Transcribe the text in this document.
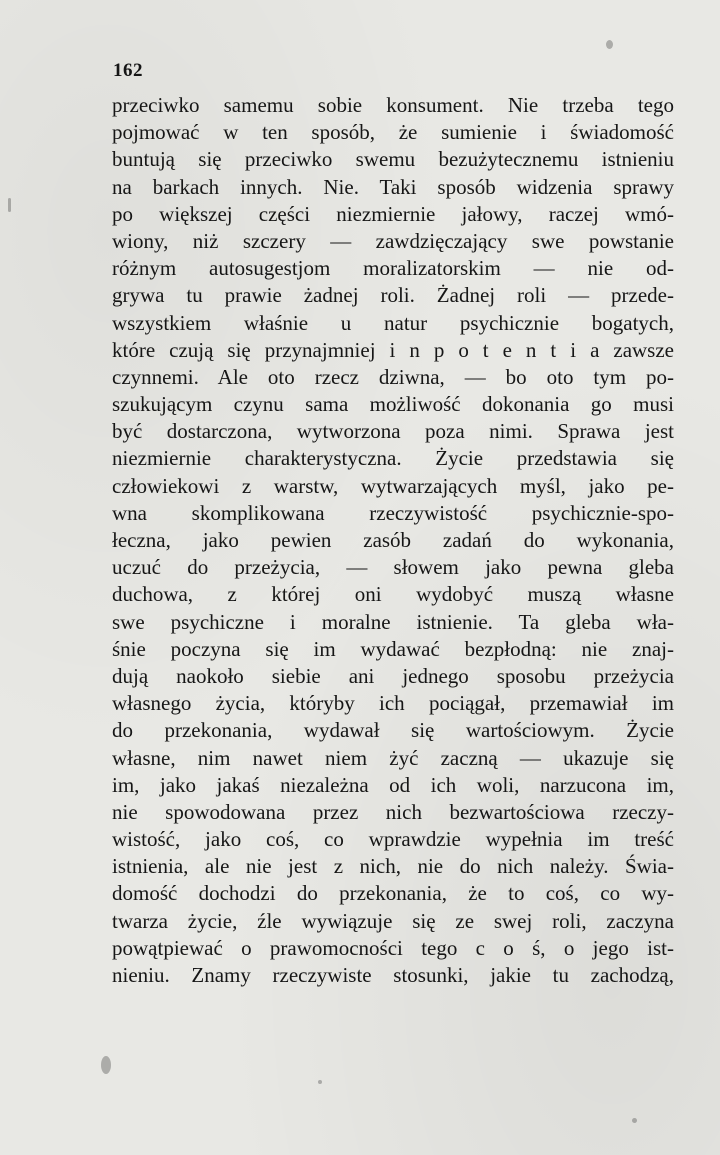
162
przeciwko samemu sobie konsument. Nie trzeba tego
pojmować w ten sposób, że sumienie i świadomość
buntują się przeciwko swemu bezużytecznemu istnieniu
na barkach innych. Nie. Taki sposób widzenia sprawy
po większej części niezmiernie jałowy, raczej wmó-
wiony, niż szczery — zawdzięczający swe powstanie
różnym autosugestjom moralizatorskim — nie od-
grywa tu prawie żadnej roli. Żadnej roli — przede-
wszystkiem właśnie u natur psychicznie bogatych,
które czują się przynajmniej i n p o t e n t i a zawsze
czynnemi. Ale oto rzecz dziwna, — bo oto tym po-
szukującym czynu sama możliwość dokonania go musi
być dostarczona, wytworzona poza nimi. Sprawa jest
niezmiernie charakterystyczna. Życie przedstawia się
człowiekowi z warstw, wytwarzających myśl, jako pe-
wna skomplikowana rzeczywistość psychicznie-spo-
łeczna, jako pewien zasób zadań do wykonania,
uczuć do przeżycia, — słowem jako pewna gleba
duchowa, z której oni wydobyć muszą własne
swe psychiczne i moralne istnienie. Ta gleba wła-
śnie poczyna się im wydawać bezpłodną: nie znaj-
dują naokoło siebie ani jednego sposobu przeżycia
własnego życia, któryby ich pociągał, przemawiał im
do przekonania, wydawał się wartościowym. Życie
własne, nim nawet niem żyć zaczną — ukazuje się
im, jako jakaś niezależna od ich woli, narzucona im,
nie spowodowana przez nich bezwartościowa rzeczy-
wistość, jako coś, co wprawdzie wypełnia im treść
istnienia, ale nie jest z nich, nie do nich należy. Świa-
domość dochodzi do przekonania, że to coś, co wy-
twarza życie, źle wywiązuje się ze swej roli, zaczyna
powątpiewać o prawomocności tego c o ś, o jego ist-
nieniu. Znamy rzeczywiste stosunki, jakie tu zachodzą,
